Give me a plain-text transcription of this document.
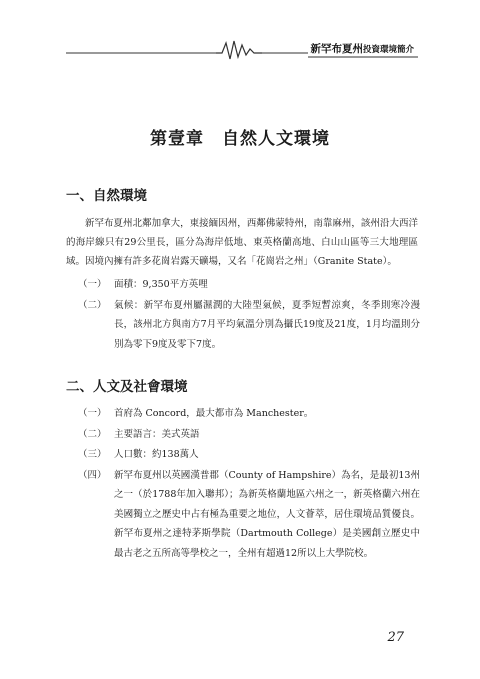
新罕布夏州投資環境簡介
第壹章　自然人文環境
一、自然環境

新罕布夏州北鄰加拿大，東接緬因州，西鄰佛蒙特州，南靠麻州，該州沿大西洋的海岸線只有29公里長，區分為海岸低地、東英格蘭高地、白山山區等三大地理區域。因境內擁有許多花崗岩露天礦場，又名「花崗岩之州」（Granite State）。

（一） 面積：9,350平方英哩
（二） 氣候：新罕布夏州屬濕潤的大陸型氣候，夏季短暫涼爽，冬季則寒冷漫長，該州北方與南方7月平均氣溫分別為攝氏19度及21度，1月均溫則分別為零下9度及零下7度。
二、人文及社會環境
（一） 首府為 Concord，最大都市為 Manchester。
（二） 主要語言：美式英語
（三） 人口數：約138萬人
（四） 新罕布夏州以英國漢普郡（County of Hampshire）為名，是最初13州之一（於1788年加入聯邦）；為新英格蘭地區六州之一，新英格蘭六州在美國獨立之歷史中占有極為重要之地位，人文薈萃，居住環境品質優良。新罕布夏州之達特茅斯學院（Dartmouth College）是美國創立歷史中最古老之五所高等學校之一，全州有超過12所以上大學院校。
27
